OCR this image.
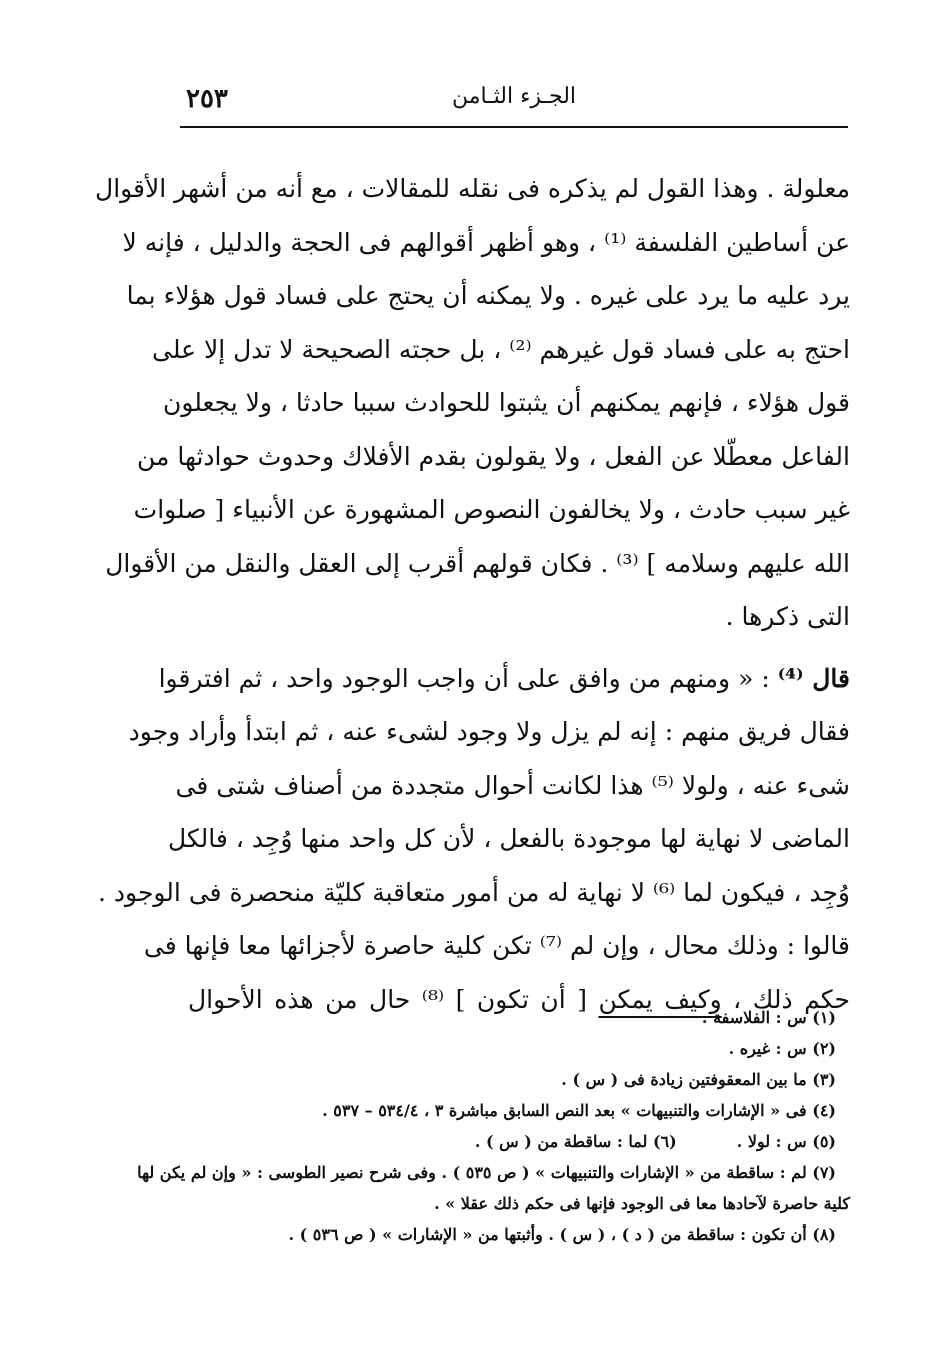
٢٥٣	الجـزء الثـامن
معلولة . وهذا القول لم يذكره فى نقله للمقالات ، مع أنه من أشهر الأقوال
عن أساطين الفلسفة ⁽¹⁾ ، وهو أظهر أقوالهم فى الحجة والدليل ، فإنه لا
يرد عليه ما يرد على غيره . ولا يمكنه أن يحتج على فساد قول هؤلاء بما
احتج به على فساد قول غيرهم ⁽²⁾ ، بل حجته الصحيحة لا تدل إلا على
قول هؤلاء ، فإنهم يمكنهم أن يثبتوا للحوادث سببا حادثا ، ولا يجعلون
الفاعل معطّلا عن الفعل ، ولا يقولون بقدم الأفلاك وحدوث حوادثها من
غير سبب حادث ، ولا يخالفون النصوص المشهورة عن الأنبياء [ صلوات
الله عليهم وسلامه ] ⁽³⁾ . فكان قولهم أقرب إلى العقل والنقل من الأقوال
التى ذكرها .
قال ⁽⁴⁾ : « ومنهم من وافق على أن واجب الوجود واحد ، ثم افترقوا
فقال فريق منهم : إنه لم يزل ولا وجود لشىء عنه ، ثم ابتدأ وأراد وجود
شىء عنه ، ولولا ⁽⁵⁾ هذا لكانت أحوال متجددة من أصناف شتى فى
الماضى لا نهاية لها موجودة بالفعل ، لأن كل واحد منها وُجِد ، فالكل
وُجِد ، فيكون لما ⁽⁶⁾ لا نهاية له من أمور متعاقبة كليّة منحصرة فى الوجود .
قالوا : وذلك محال ، وإن لم ⁽⁷⁾ تكن كلية حاصرة لأجزائها معا فإنها فى
حكم ذلك ، وكيف يمكن [ أن تكون ] ⁽⁸⁾ حال من هذه الأحوال
(١) س : الفلاسفة .
(٢) س : غيره .
(٣) ما بين المعقوفتين زيادة فى ( س ) .
(٤) فى « الإشارات والتنبيهات » بعد النص السابق مباشرة ٣ ، ٥٣٤/٤ – ٥٣٧ .
(٥) س : لولا .(٦) لما : ساقطة من ( س ) .
(٧) لم : ساقطة من « الإشارات والتنبيهات » ( ص ٥٣٥ ) . وفى شرح نصير الطوسى : « وإن لم يكن لها
كلية حاصرة لآحادها معا فى الوجود فإنها فى حكم ذلك عقلا » .
(٨) أن تكون : ساقطة من ( د ) ، ( س ) . وأثبتها من « الإشارات » ( ص ٥٣٦ ) .
